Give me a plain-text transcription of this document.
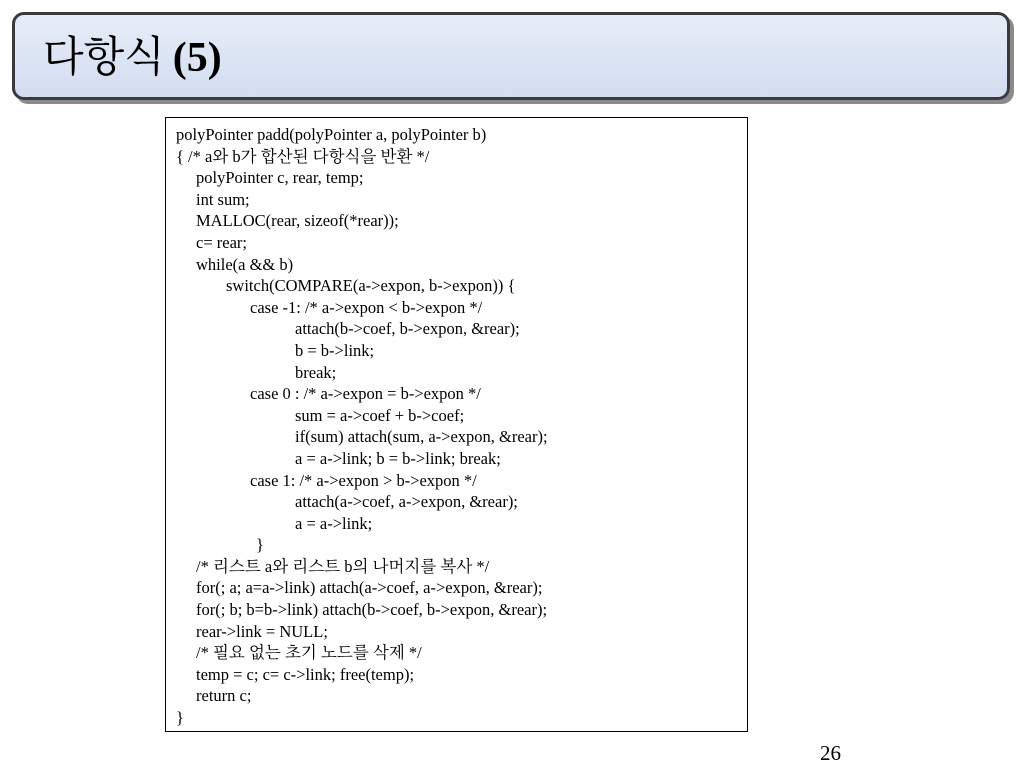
다항식 (5)
polyPointer padd(polyPointer a, polyPointer b)
{ /* a와 b가 합산된 다항식을 반환 */
polyPointer c, rear, temp;
int sum;
MALLOC(rear, sizeof(*rear));
c= rear;
while(a && b)
switch(COMPARE(a->expon, b->expon)) {
case -1: /* a->expon < b->expon */
attach(b->coef, b->expon, &rear);
b = b->link;
break;
case 0 : /* a->expon = b->expon */
sum = a->coef + b->coef;
if(sum) attach(sum, a->expon, &rear);
a = a->link; b = b->link; break;
case 1: /* a->expon > b->expon */
attach(a->coef, a->expon, &rear);
a = a->link;
}
/* 리스트 a와 리스트 b의 나머지를 복사 */
for(; a; a=a->link) attach(a->coef, a->expon, &rear);
for(; b; b=b->link) attach(b->coef, b->expon, &rear);
rear->link = NULL;
/* 필요 없는 초기 노드를 삭제 */
temp = c; c= c->link; free(temp);
return c;
}
26
